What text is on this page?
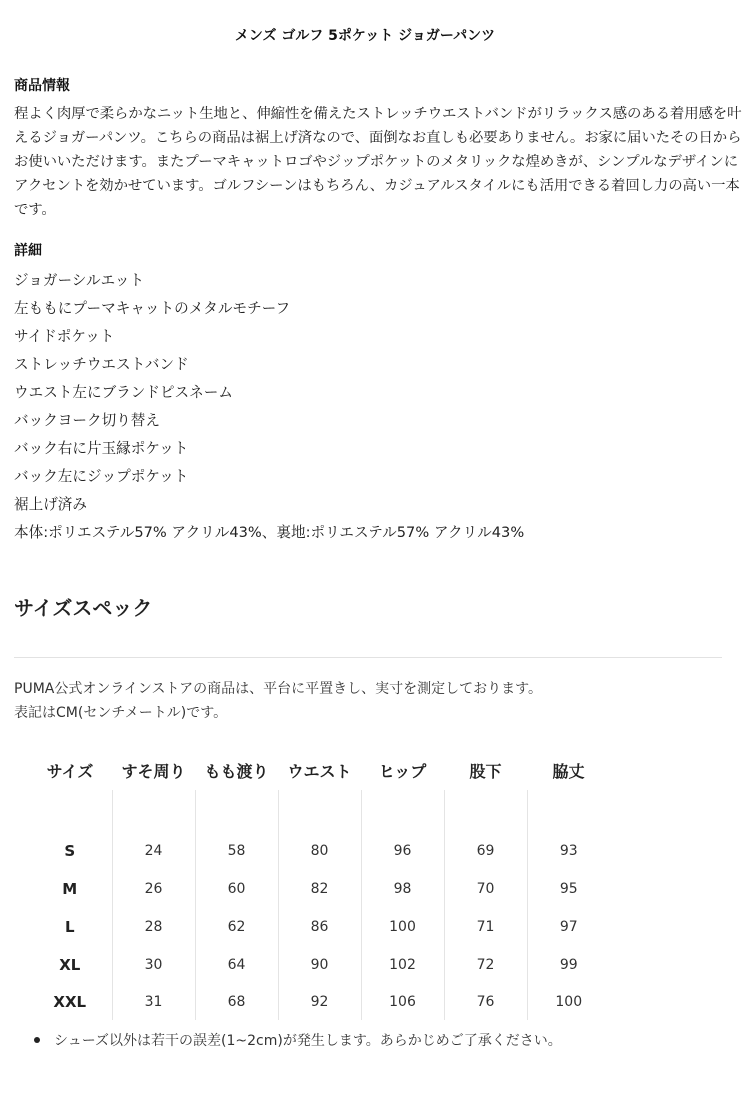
メンズ ゴルフ 5ポケット ジョガーパンツ
商品情報

程よく肉厚で柔らかなニット生地と、伸縮性を備えたストレッチウエストバンドがリラックス感のある着用感を叶えるジョガーパンツ。こちらの商品は裾上げ済なので、面倒なお直しも必要ありません。お家に届いたその日からお使いいただけます。またプーマキャットロゴやジップポケットのメタリックな煌めきが、シンプルなデザインにアクセントを効かせています。ゴルフシーンはもちろん、カジュアルスタイルにも活用できる着回し力の高い一本です。

詳細
ジョガーシルエット
左ももにプーマキャットのメタルモチーフ
サイドポケット
ストレッチウエストバンド
ウエスト左にブランドピスネーム
バックヨーク切り替え
バック右に片玉縁ポケット
バック左にジップポケット
裾上げ済み
本体:ポリエステル57% アクリル43%、裏地:ポリエステル57% アクリル43%
サイズスペック

PUMA公式オンラインストアの商品は、平台に平置きし、実寸を測定しております。

表記はCM(センチメートル)です。

サイズ	すそ周り	もも渡り	ウエスト	ヒップ	股下	脇丈

S	24	58	80	96	69	93
M	26	60	82	98	70	95
L	28	62	86	100	71	97
XL	30	64	90	102	72	99
XXL	31	68	92	106	76	100
シューズ以外は若干の誤差(1~2cm)が発生します。あらかじめご了承ください。
